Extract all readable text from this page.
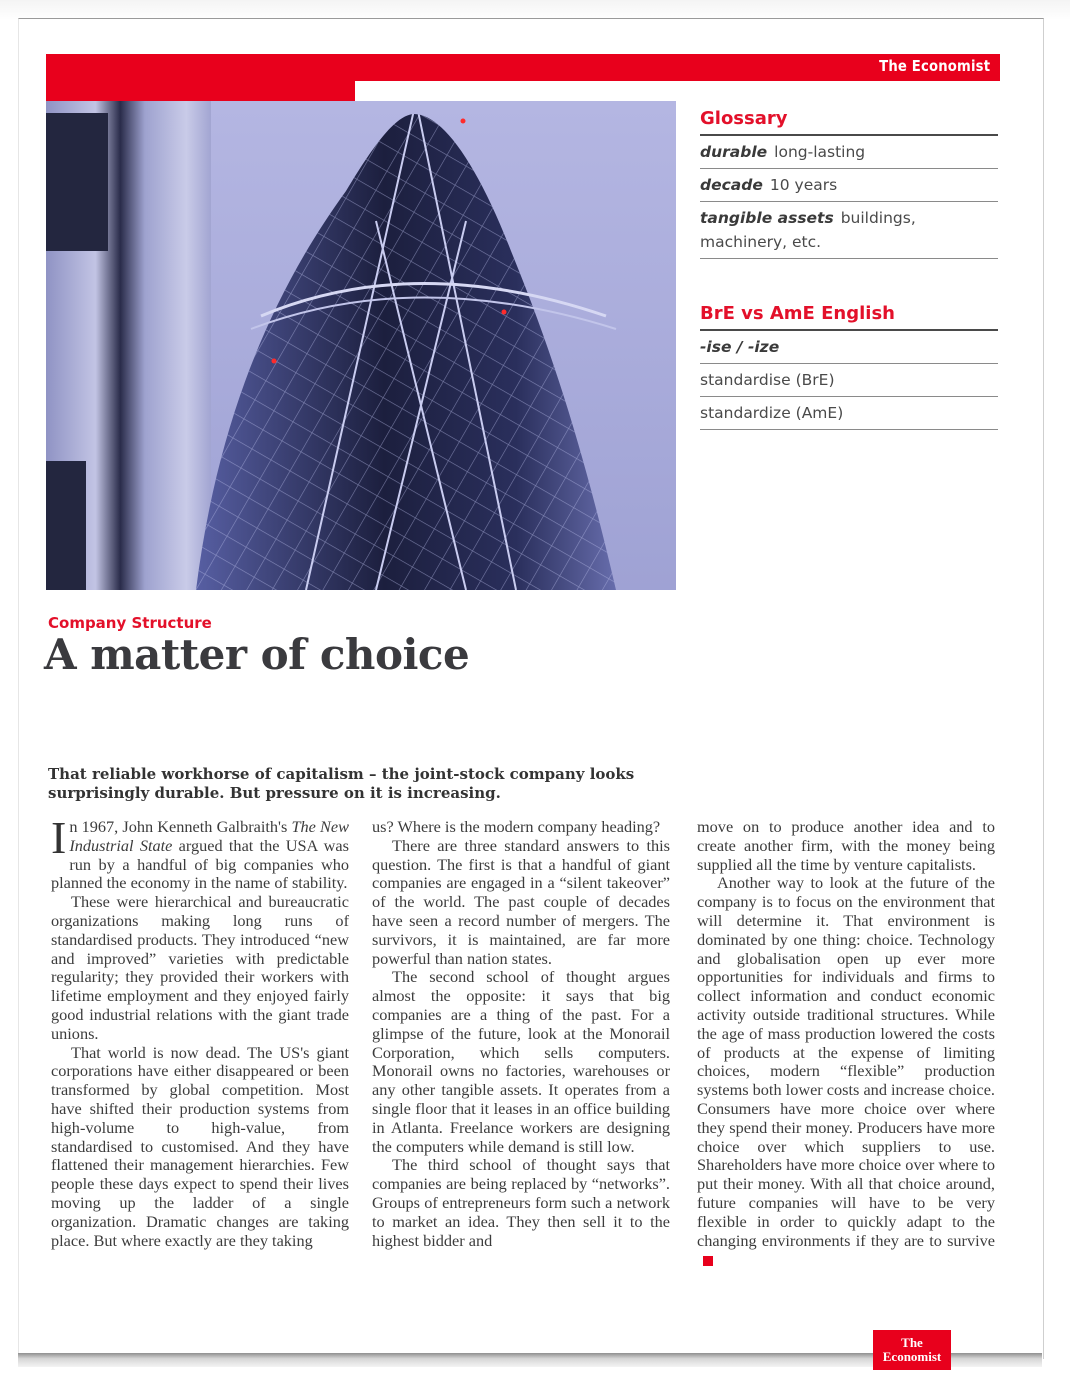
The Economist
Glossary
durable long-lasting
decade 10 years
tangible assets buildings, machinery, etc.
BrE vs AmE English
-ise / -ize
standardise (BrE)
standardize (AmE)
Company Structure
A matter of choice
That reliable workhorse of capitalism – the joint-stock company looks surprisingly durable. But pressure on it is increasing.

In 1967, John Kenneth Galbraith's The New Industrial State argued that the USA was run by a handful of big companies who planned the economy in the name of stability.

These were hierarchical and bureaucratic organizations making long runs of standardised products. They introduced “new and improved” varieties with predictable regularity; they provided their workers with lifetime employment and they enjoyed fairly good industrial relations with the giant trade unions.

That world is now dead. The US's giant corporations have either disappeared or been transformed by global competition. Most have shifted their production systems from high-volume to high-value, from standardised to customised. And they have flattened their management hierarchies. Few people these days expect to spend their lives moving up the ladder of a single organization. Dramatic changes are taking place. But where exactly are they taking

us? Where is the modern company heading?

There are three standard answers to this question. The first is that a handful of giant companies are engaged in a “silent takeover” of the world. The past couple of decades have seen a record number of mergers. The survivors, it is maintained, are far more powerful than nation states.

The second school of thought argues almost the opposite: it says that big companies are a thing of the past. For a glimpse of the future, look at the Monorail Corporation, which sells computers. Monorail owns no factories, warehouses or any other tangible assets. It operates from a single floor that it leases in an office building in Atlanta. Freelance workers are designing the computers while demand is still low.

The third school of thought says that companies are being replaced by “networks”. Groups of entrepreneurs form such a network to market an idea. They then sell it to the highest bidder and

move on to produce another idea and to create another firm, with the money being supplied all the time by venture capitalists.

Another way to look at the future of the company is to focus on the environment that will determine it. That environment is dominated by one thing: choice. Technology and globalisation open up ever more opportunities for individuals and firms to collect information and conduct economic activity outside traditional structures. While the age of mass production lowered the costs of products at the expense of limiting choices, modern “flexible” production systems both lower costs and increase choice. Consumers have more choice over where they spend their money. Producers have more choice over which suppliers to use. Shareholders have more choice over where to put their money. With all that choice around, future companies will have to be very flexible in order to quickly adapt to the changing environments if they are to survive

The
Economist
